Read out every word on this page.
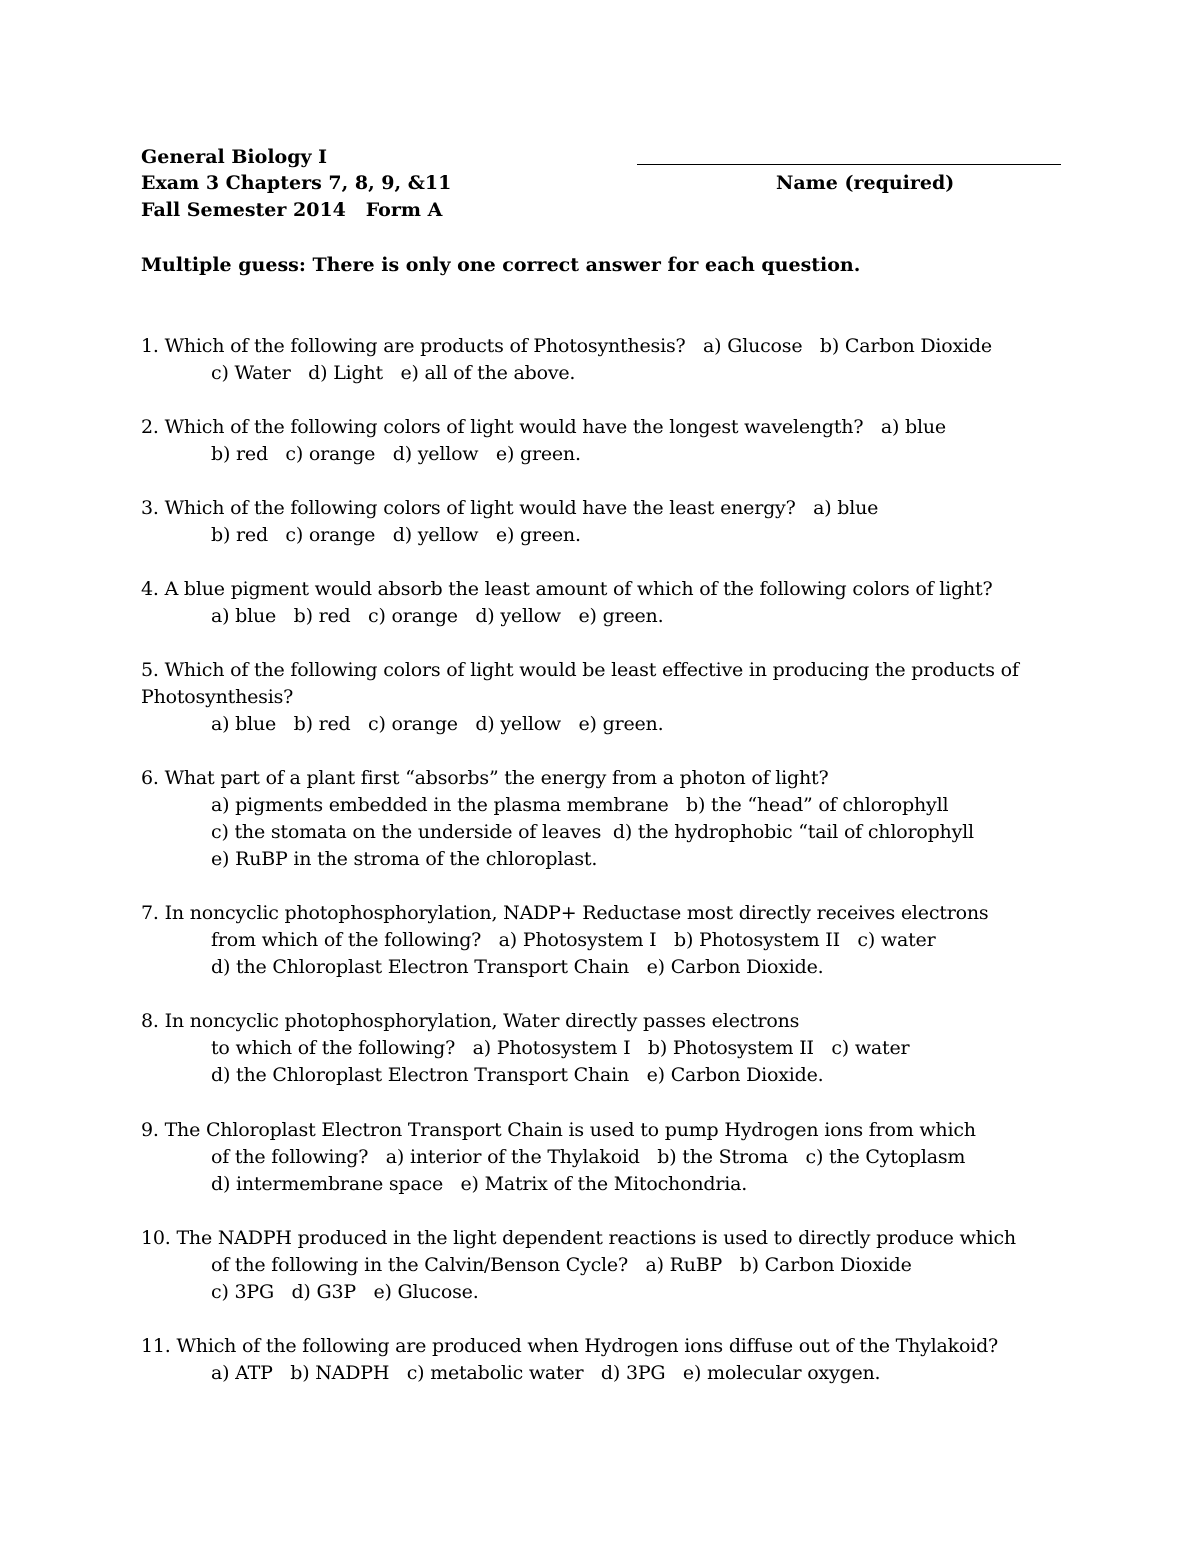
General Biology I
Exam 3 Chapters 7, 8, 9, &11	Name (required)
Fall Semester 2014   Form A
Multiple guess: There is only one correct answer for each question.
1. Which of the following are products of Photosynthesis?   a) Glucose   b) Carbon Dioxide
c) Water   d) Light   e) all of the above.
2. Which of the following colors of light would have the longest wavelength?   a) blue
b) red   c) orange   d) yellow   e) green.
3. Which of the following colors of light would have the least energy?   a) blue
b) red   c) orange   d) yellow   e) green.
4. A blue pigment would absorb the least amount of which of the following colors of light?
a) blue   b) red   c) orange   d) yellow   e) green.
5. Which of the following colors of light would be least effective in producing the products of
Photosynthesis?
a) blue   b) red   c) orange   d) yellow   e) green.
6. What part of a plant first “absorbs” the energy from a photon of light?
a) pigments embedded in the plasma membrane   b) the “head” of chlorophyll
c) the stomata on the underside of leaves  d) the hydrophobic “tail of chlorophyll
e) RuBP in the stroma of the chloroplast.
7. In noncyclic photophosphorylation, NADP+ Reductase most directly receives electrons
from which of the following?   a) Photosystem I   b) Photosystem II   c) water
d) the Chloroplast Electron Transport Chain   e) Carbon Dioxide.
8. In noncyclic photophosphorylation, Water directly passes electrons
to which of the following?   a) Photosystem I   b) Photosystem II   c) water
d) the Chloroplast Electron Transport Chain   e) Carbon Dioxide.
9. The Chloroplast Electron Transport Chain is used to pump Hydrogen ions from which
of the following?   a) interior of the Thylakoid   b) the Stroma   c) the Cytoplasm
d) intermembrane space   e) Matrix of the Mitochondria.
10. The NADPH produced in the light dependent reactions is used to directly produce which
of the following in the Calvin/Benson Cycle?   a) RuBP   b) Carbon Dioxide
c) 3PG   d) G3P   e) Glucose.
11. Which of the following are produced when Hydrogen ions diffuse out of the Thylakoid?
a) ATP   b) NADPH   c) metabolic water   d) 3PG   e) molecular oxygen.
